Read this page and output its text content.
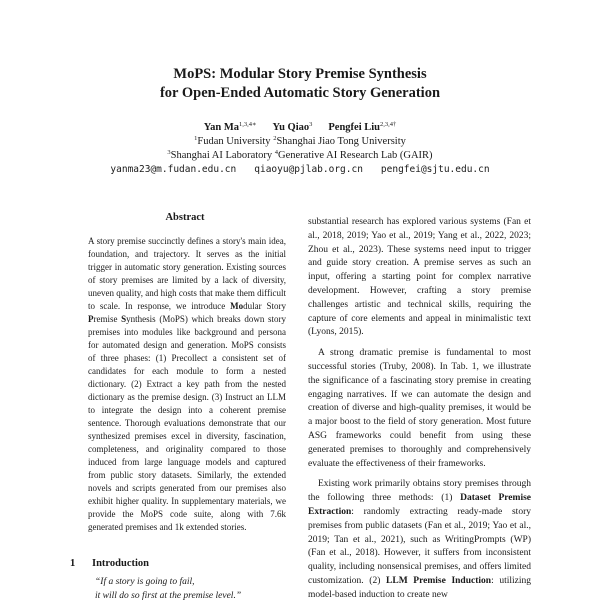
MoPS: Modular Story Premise Synthesis
for Open-Ended Automatic Story Generation
Yan $Ma^{1,3,4∗}$ Yu Qiao$^3$ Pengfei Liu$^{2,3,4\dagger}$
$^1$Fudan University $^2$Shanghai Jiao Tong University
$^3$Shanghai AI Laboratory $^4$Generative AI Research Lab (GAIR)
yanma23@m.fudan.edu.cn qiaoyu@pjlab.org.cn pengfei@sjtu.edu.cn
Abstract

A story premise succinctly defines a story's main idea, foundation, and trajectory. It serves as the initial trigger in automatic story generation. Existing sources of story premises are limited by a lack of diversity, uneven quality, and high costs that make them difficult to scale. In response, we introduce Modular Story Premise Synthesis (MoPS) which breaks down story premises into modules like background and persona for automated design and generation. MoPS consists of three phases: (1) Precollect a consistent set of candidates for each module to form a nested dictionary. (2) Extract a key path from the nested dictionary as the premise design. (3) Instruct an LLM to integrate the design into a coherent premise sentence. Thorough evaluations demonstrate that our synthesized premises excel in diversity, fascination, completeness, and originality compared to those induced from large language models and captured from public story datasets. Similarly, the extended novels and scripts generated from our premises also exhibit higher quality. In supplementary materials, we provide the MoPS code suite, along with 7.6k generated premises and 1k extended stories.

1 Introduction
“If a story is going to fail,
it will do so first at the premise level.”

substantial research has explored various systems (Fan et al., 2018, 2019; Yao et al., 2019; Yang et al., 2022, 2023; Zhou et al., 2023). These systems need input to trigger and guide story creation. A premise serves as such an input, offering a starting point for complex narrative development. However, crafting a story premise challenges artistic and technical skills, requiring the capture of core elements and appeal in minimalistic text (Lyons, 2015).

A strong dramatic premise is fundamental to most successful stories (Truby, 2008). In Tab. 1, we illustrate the significance of a fascinating story premise in creating engaging narratives. If we can automate the design and creation of diverse and high-quality premises, it would be a major boost to the field of story generation. Most future ASG frameworks could benefit from using these generated premises to thoroughly and comprehensively evaluate the effectiveness of their frameworks.

Existing work primarily obtains story premises through the following three methods: (1) Dataset Premise Extraction: randomly extracting ready-made story premises from public datasets (Fan et al., 2019; Yao et al., 2019; Tan et al., 2021), such as WritingPrompts (WP) (Fan et al., 2018). However, it suffers from inconsistent quality, including nonsensical premises, and offers limited customization. (2) LLM Premise Induction: utilizing model-based induction to create new
